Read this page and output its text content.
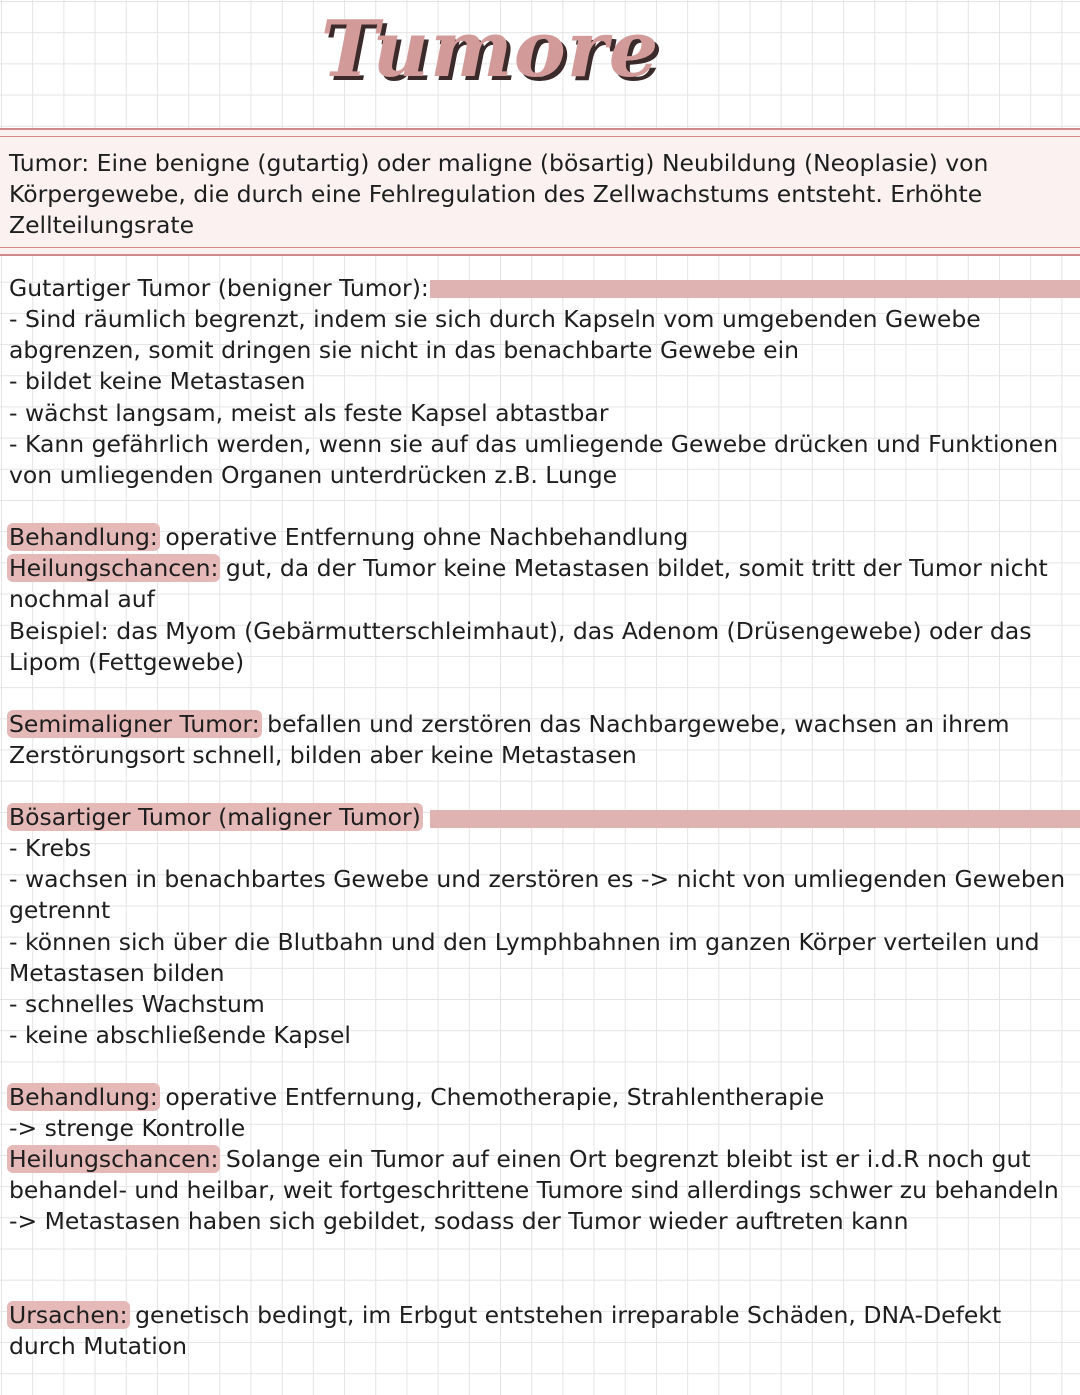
Tumore

Tumor: Eine benigne (gutartig) oder maligne (bösartig) Neubildung (Neoplasie) von Körpergewebe, die durch eine Fehlregulation des Zellwachstums entsteht. Erhöhte Zellteilungsrate

Gutartiger Tumor (benigner Tumor):

- Sind räumlich begrenzt, indem sie sich durch Kapseln vom umgebenden Gewebe abgrenzen, somit dringen sie nicht in das benachbarte Gewebe ein
- bildet keine Metastasen
- wächst langsam, meist als feste Kapsel abtastbar
- Kann gefährlich werden, wenn sie auf das umliegende Gewebe drücken und Funktionen von umliegenden Organen unterdrücken z.B. Lunge
Behandlung: operative Entfernung ohne Nachbehandlung
Heilungschancen: gut, da der Tumor keine Metastasen bildet, somit tritt der Tumor nicht nochmal auf
Beispiel: das Myom (Gebärmutterschleimhaut), das Adenom (Drüsengewebe) oder das Lipom (Fettgewebe)
Semimaligner Tumor: befallen und zerstören das Nachbargewebe, wachsen an ihrem Zerstörungsort schnell, bilden aber keine Metastasen
Bösartiger Tumor (maligner Tumor)
- Krebs
- wachsen in benachbartes Gewebe und zerstören es -> nicht von umliegenden Geweben getrennt
- können sich über die Blutbahn und den Lymphbahnen im ganzen Körper verteilen und Metastasen bilden
- schnelles Wachstum
- keine abschließende Kapsel
Behandlung: operative Entfernung, Chemotherapie, Strahlentherapie
-> strenge Kontrolle
Heilungschancen: Solange ein Tumor auf einen Ort begrenzt bleibt ist er i.d.R noch gut behandel- und heilbar, weit fortgeschrittene Tumore sind allerdings schwer zu behandeln -> Metastasen haben sich gebildet, sodass der Tumor wieder auftreten kann
Ursachen: genetisch bedingt, im Erbgut entstehen irreparable Schäden, DNA-Defekt durch Mutation
